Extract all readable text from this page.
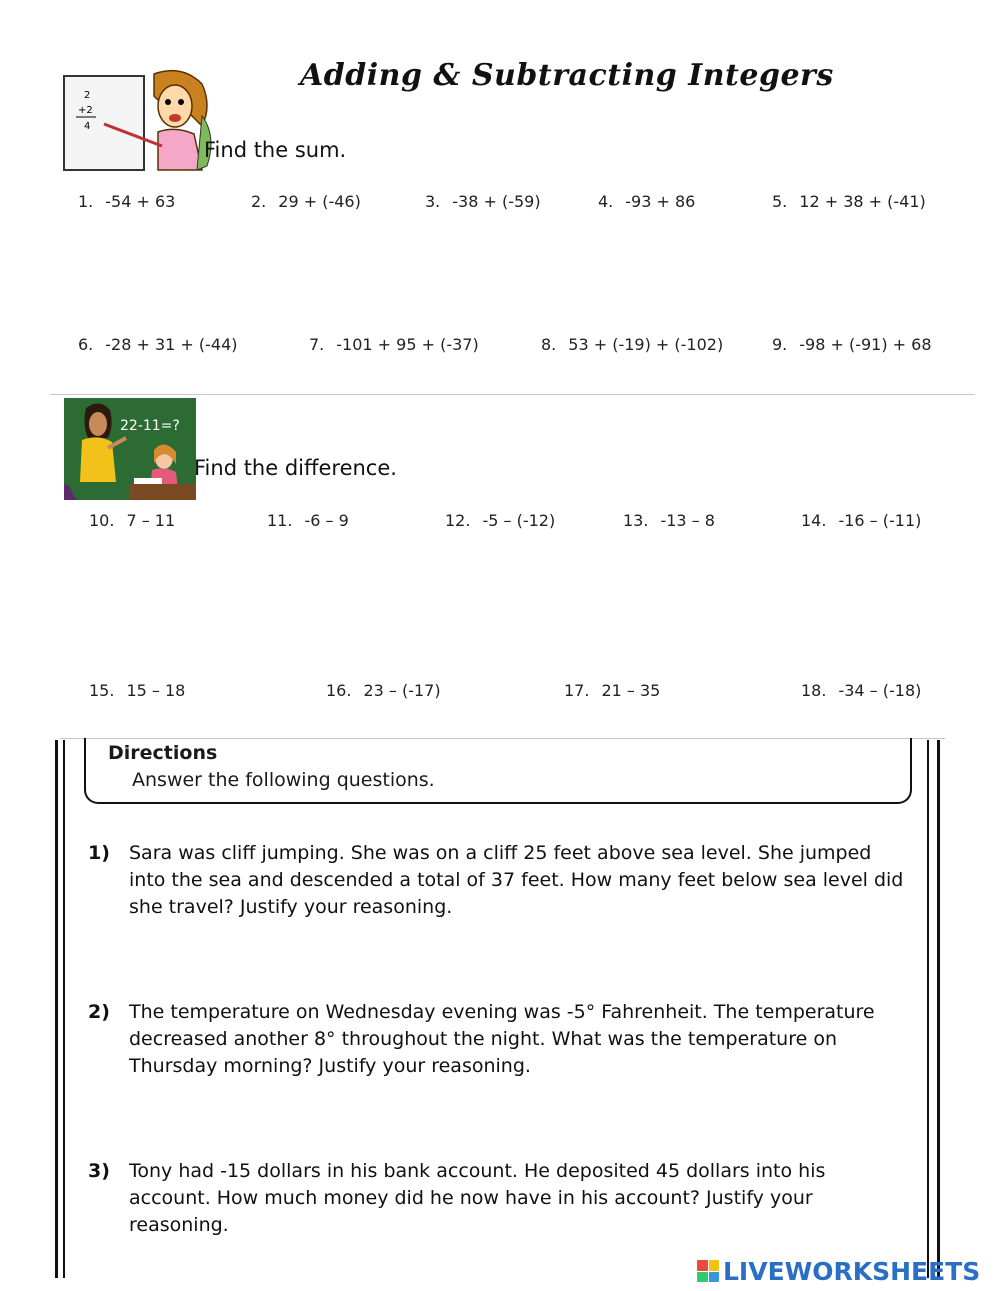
Adding & Subtracting Integers
2
+2
4
Find the sum.
1. -54 + 63	2. 29 + (-46)	3. -38 + (-59)	4. -93 + 86	5. 12 + 38 + (-41)
6. -28 + 31 + (-44)	7. -101 + 95 + (-37)	8. 53 + (-19) + (-102)	9. -98 + (-91) + 68
22-11=?
Find the difference.
10. 7 – 11	11. -6 – 9	12. -5 – (-12)	13. -13 – 8	14. -16 – (-11)
15. 15 – 18	16. 23 – (-17)	17. 21 – 35	18. -34 – (-18)
Directions
Answer the following questions.
1) Sara was cliff jumping. She was on a cliff 25 feet above sea level. She jumped into the sea and descended a total of 37 feet. How many feet below sea level did she travel? Justify your reasoning.
2) The temperature on Wednesday evening was -5° Fahrenheit. The temperature decreased another 8° throughout the night. What was the temperature on Thursday morning? Justify your reasoning.
3) Tony had -15 dollars in his bank account. He deposited 45 dollars into his account. How much money did he now have in his account? Justify your reasoning.
LIVEWORKSHEETS
